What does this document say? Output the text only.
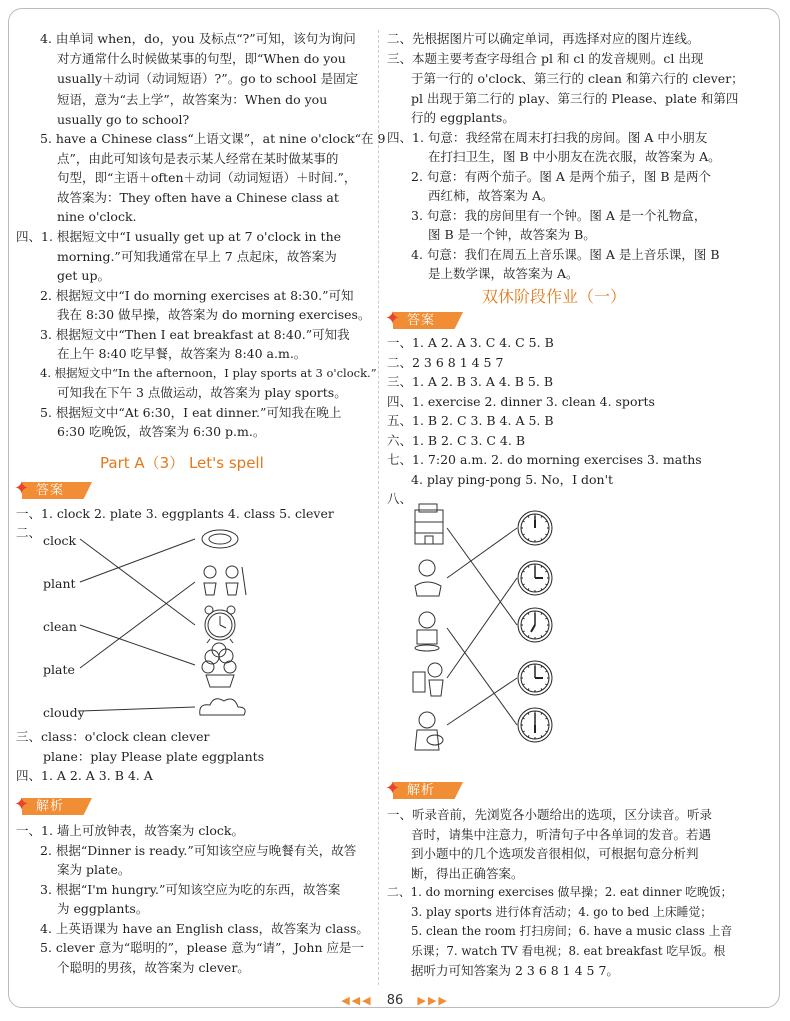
4. 由单词 when，do，you 及标点“?”可知，该句为询问
对方通常什么时候做某事的句型，即“When do you
usually＋动词（动词短语）?”。go to school 是固定
短语，意为“去上学”，故答案为：When do you
usually go to school?
5. have a Chinese class“上语文课”，at nine o'clock“在 9
点”，由此可知该句是表示某人经常在某时做某事的
句型，即“主语＋often＋动词（动词短语）＋时间.”，
故答案为：They often have a Chinese class at
nine o'clock.
四、1. 根据短文中“I usually get up at 7 o'clock in the
morning.”可知我通常在早上 7 点起床，故答案为
get up。
2. 根据短文中“I do morning exercises at 8:30.”可知
我在 8:30 做早操，故答案为 do morning exercises。
3. 根据短文中“Then I eat breakfast at 8:40.”可知我
在上午 8:40 吃早餐，故答案为 8:40 a.m.。
4. 根据短文中“In the afternoon，I play sports at 3 o'clock.”
可知我在下午 3 点做运动，故答案为 play sports。
5. 根据短文中“At 6:30，I eat dinner.”可知我在晚上
6:30 吃晚饭，故答案为 6:30 p.m.。
Part A（3） Let's spell
✦ 答案
一、1. clock 2. plate 3. eggplants 4. class 5. clever
二、
clock
plant
clean
plate
cloudy
三、class：o'clock clean clever
plane：play Please plate eggplants
四、1. A 2. A 3. B 4. A
✦ 解析
一、1. 墙上可放钟表，故答案为 clock。
2. 根据“Dinner is ready.”可知该空应与晚餐有关，故答
案为 plate。
3. 根据“I'm hungry.”可知该空应为吃的东西，故答案
为 eggplants。
4. 上英语课为 have an English class，故答案为 class。
5. clever 意为“聪明的”，please 意为“请”，John 应是一
个聪明的男孩，故答案为 clever。
二、先根据图片可以确定单词，再选择对应的图片连线。
三、本题主要考查字母组合 pl 和 cl 的发音规则。cl 出现
于第一行的 o'clock、第三行的 clean 和第六行的 clever；
pl 出现于第二行的 play、第三行的 Please、plate 和第四
行的 eggplants。
四、1. 句意：我经常在周末打扫我的房间。图 A 中小朋友
在打扫卫生，图 B 中小朋友在洗衣服，故答案为 A。
2. 句意：有两个茄子。图 A 是两个茄子，图 B 是两个
西红柿，故答案为 A。
3. 句意：我的房间里有一个钟。图 A 是一个礼物盒，
图 B 是一个钟，故答案为 B。
4. 句意：我们在周五上音乐课。图 A 是上音乐课，图 B
是上数学课，故答案为 A。
双休阶段作业（一）
✦ 答案
一、1. A 2. A 3. C 4. C 5. B
二、2 3 6 8 1 4 5 7
三、1. A 2. B 3. A 4. B 5. B
四、1. exercise 2. dinner 3. clean 4. sports
五、1. B 2. C 3. B 4. A 5. B
六、1. B 2. C 3. C 4. B
七、1. 7:20 a.m. 2. do morning exercises 3. maths
4. play ping-pong 5. No，I don't
八、
✦ 解析
一、听录音前，先浏览各小题给出的选项，区分读音。听录
音时，请集中注意力，听清句子中各单词的发音。若遇
到小题中的几个选项发音很相似，可根据句意分析判
断，得出正确答案。
二、1. do morning exercises 做早操；2. eat dinner 吃晚饭；
3. play sports 进行体育活动；4. go to bed 上床睡觉；
5. clean the room 打扫房间；6. have a music class 上音
乐课；7. watch TV 看电视；8. eat breakfast 吃早饭。根
据听力可知答案为 2 3 6 8 1 4 5 7。
◀◀◀ 86 ▶▶▶
